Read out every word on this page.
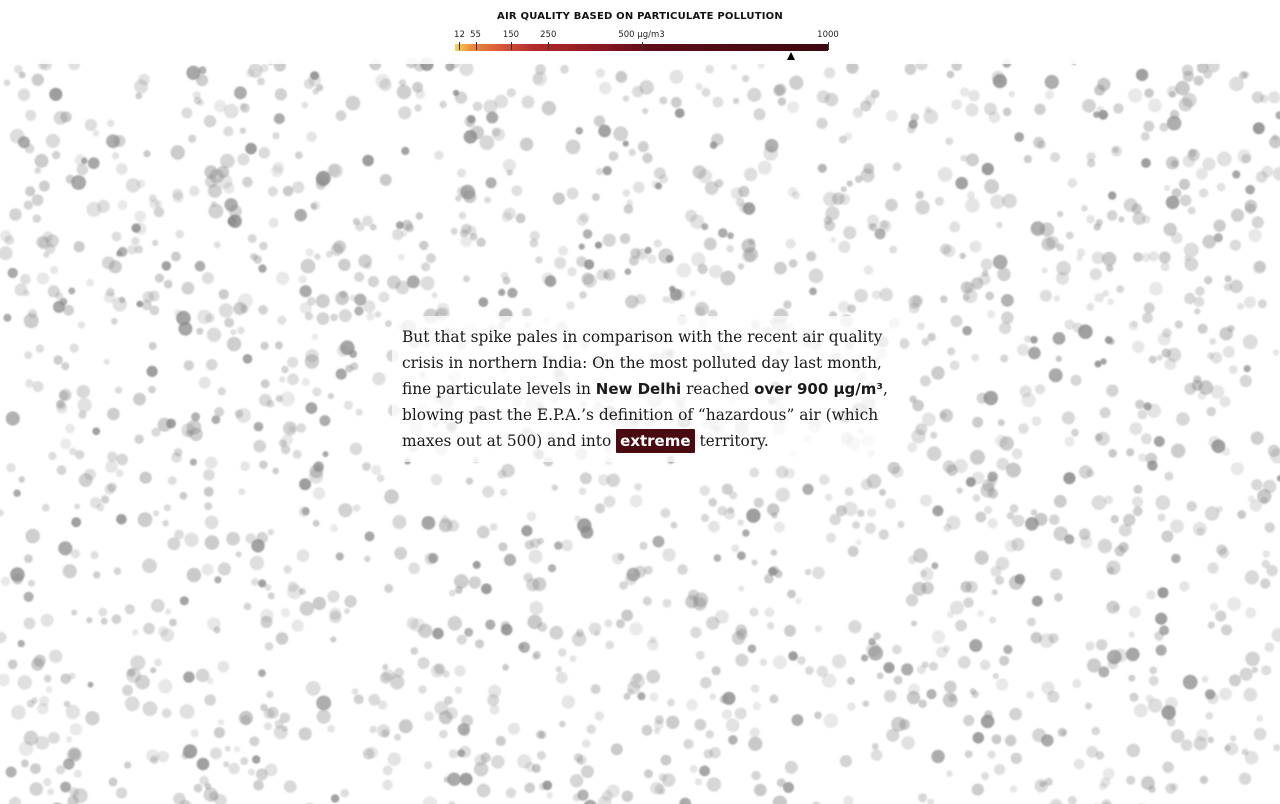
AIR QUALITY BASED ON PARTICULATE POLLUTION
12 55	150 250	500 µg/m3	1000

But that spike pales in comparison with the recent air quality crisis in northern India: On the most polluted day last month, fine particulate levels in New Delhi reached over 900 µg/m³, blowing past the E.P.A.’s definition of “hazardous” air (which maxes out at 500) and into extreme territory.
